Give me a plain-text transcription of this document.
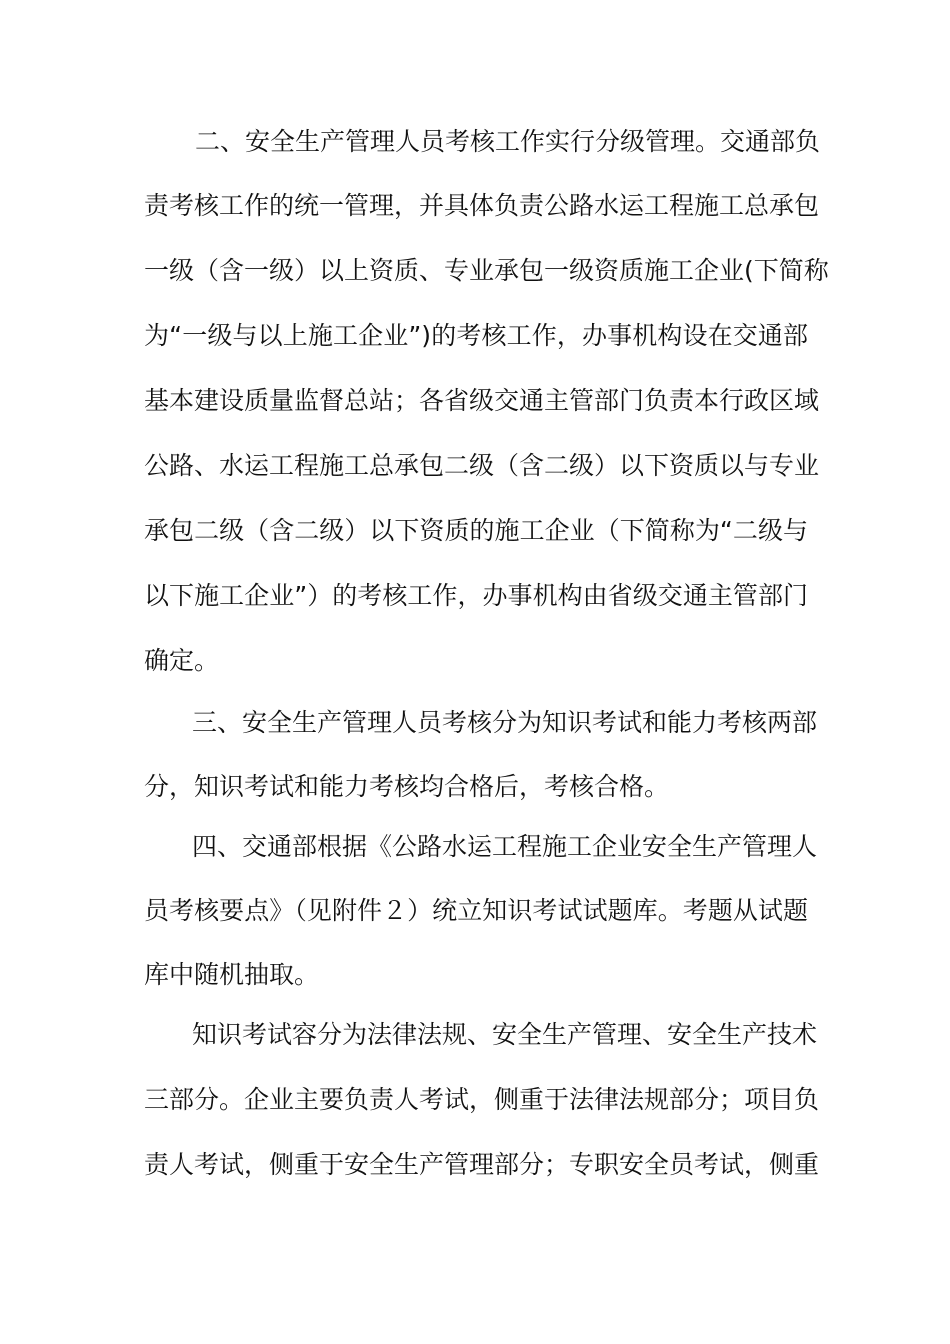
二、安全生产管理人员考核工作实行分级管理。交通部负
责考核工作的统一管理，并具体负责公路水运工程施工总承包
一级（含一级）以上资质、专业承包一级资质施工企业(下简称
为“一级与以上施工企业”)的考核工作，办事机构设在交通部
基本建设质量监督总站；各省级交通主管部门负责本行政区域
公路、水运工程施工总承包二级（含二级）以下资质以与专业
承包二级（含二级）以下资质的施工企业（下简称为“二级与
以下施工企业”）的考核工作，办事机构由省级交通主管部门
确定。
三、安全生产管理人员考核分为知识考试和能力考核两部
分，知识考试和能力考核均合格后，考核合格。
四、交通部根据《公路水运工程施工企业安全生产管理人
员考核要点》（见附件２）统立知识考试试题库。考题从试题
库中随机抽取。
知识考试容分为法律法规、安全生产管理、安全生产技术
三部分。企业主要负责人考试，侧重于法律法规部分；项目负
责人考试，侧重于安全生产管理部分；专职安全员考试，侧重
